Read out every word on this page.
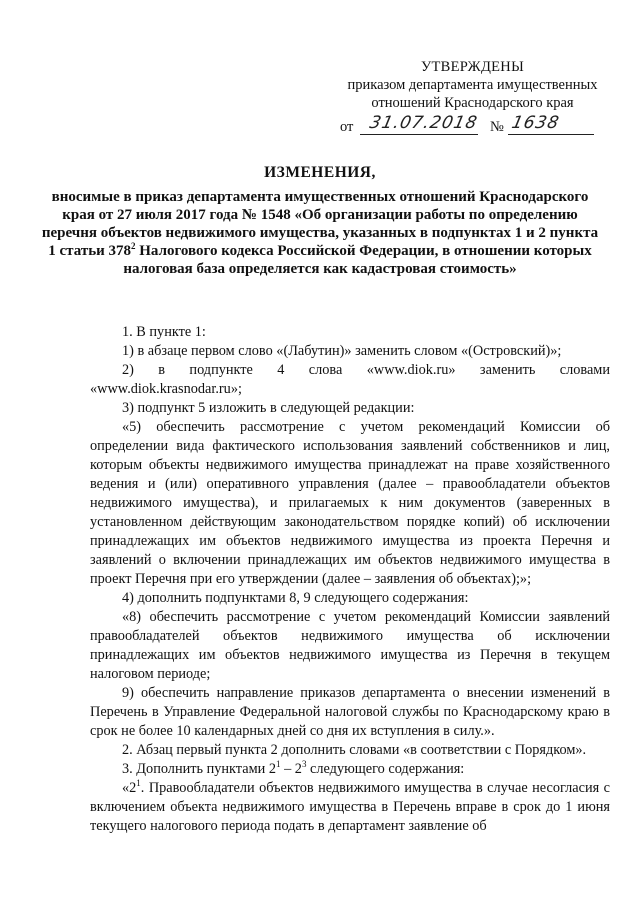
УТВЕРЖДЕНЫ
приказом департамента имущественных
отношений Краснодарского края
от 31.07.2018 № 1638
ИЗМЕНЕНИЯ,
вносимые в приказ департамента имущественных отношений Краснодарского края от 27 июля 2017 года № 1548 «Об организации работы по определению перечня объектов недвижимого имущества, указанных в подпунктах 1 и 2 пункта 1 статьи $378^2$ Налогового кодекса Российской Федерации, в отношении которых налоговая база определяется как кадастровая стоимость»

1. В пункте 1:

1) в абзаце первом слово «(Лабутин)» заменить словом «(Островский)»;

2) в подпункте 4 слова «www.diok.ru» заменить словами «www.diok.krasnodar.ru»;

3) подпункт 5 изложить в следующей редакции:

«5) обеспечить рассмотрение с учетом рекомендаций Комиссии об определении вида фактического использования заявлений собственников и лиц, которым объекты недвижимого имущества принадлежат на праве хозяйственного ведения и (или) оперативного управления (далее – правообладатели объектов недвижимого имущества), и прилагаемых к ним документов (заверенных в установленном действующим законодательством порядке копий) об исключении принадлежащих им объектов недвижимого имущества из проекта Перечня и заявлений о включении принадлежащих им объектов недвижимого имущества в проект Перечня при его утверждении (далее – заявления об объектах);»;

4) дополнить подпунктами 8, 9 следующего содержания:

«8) обеспечить рассмотрение с учетом рекомендаций Комиссии заявлений правообладателей объектов недвижимого имущества об исключении принадлежащих им объектов недвижимого имущества из Перечня в текущем налоговом периоде;

9) обеспечить направление приказов департамента о внесении изменений в Перечень в Управление Федеральной налоговой службы по Краснодарскому краю в срок не более 10 календарных дней со дня их вступления в силу.».

2. Абзац первый пункта 2 дополнить словами «в соответствии с Порядком».

3. Дополнить пунктами $2^1 - 2^3$ следующего содержания:

«$2^1$. Правообладатели объектов недвижимого имущества в случае несогласия с включением объекта недвижимого имущества в Перечень вправе в срок до 1 июня текущего налогового периода подать в департамент заявление об
